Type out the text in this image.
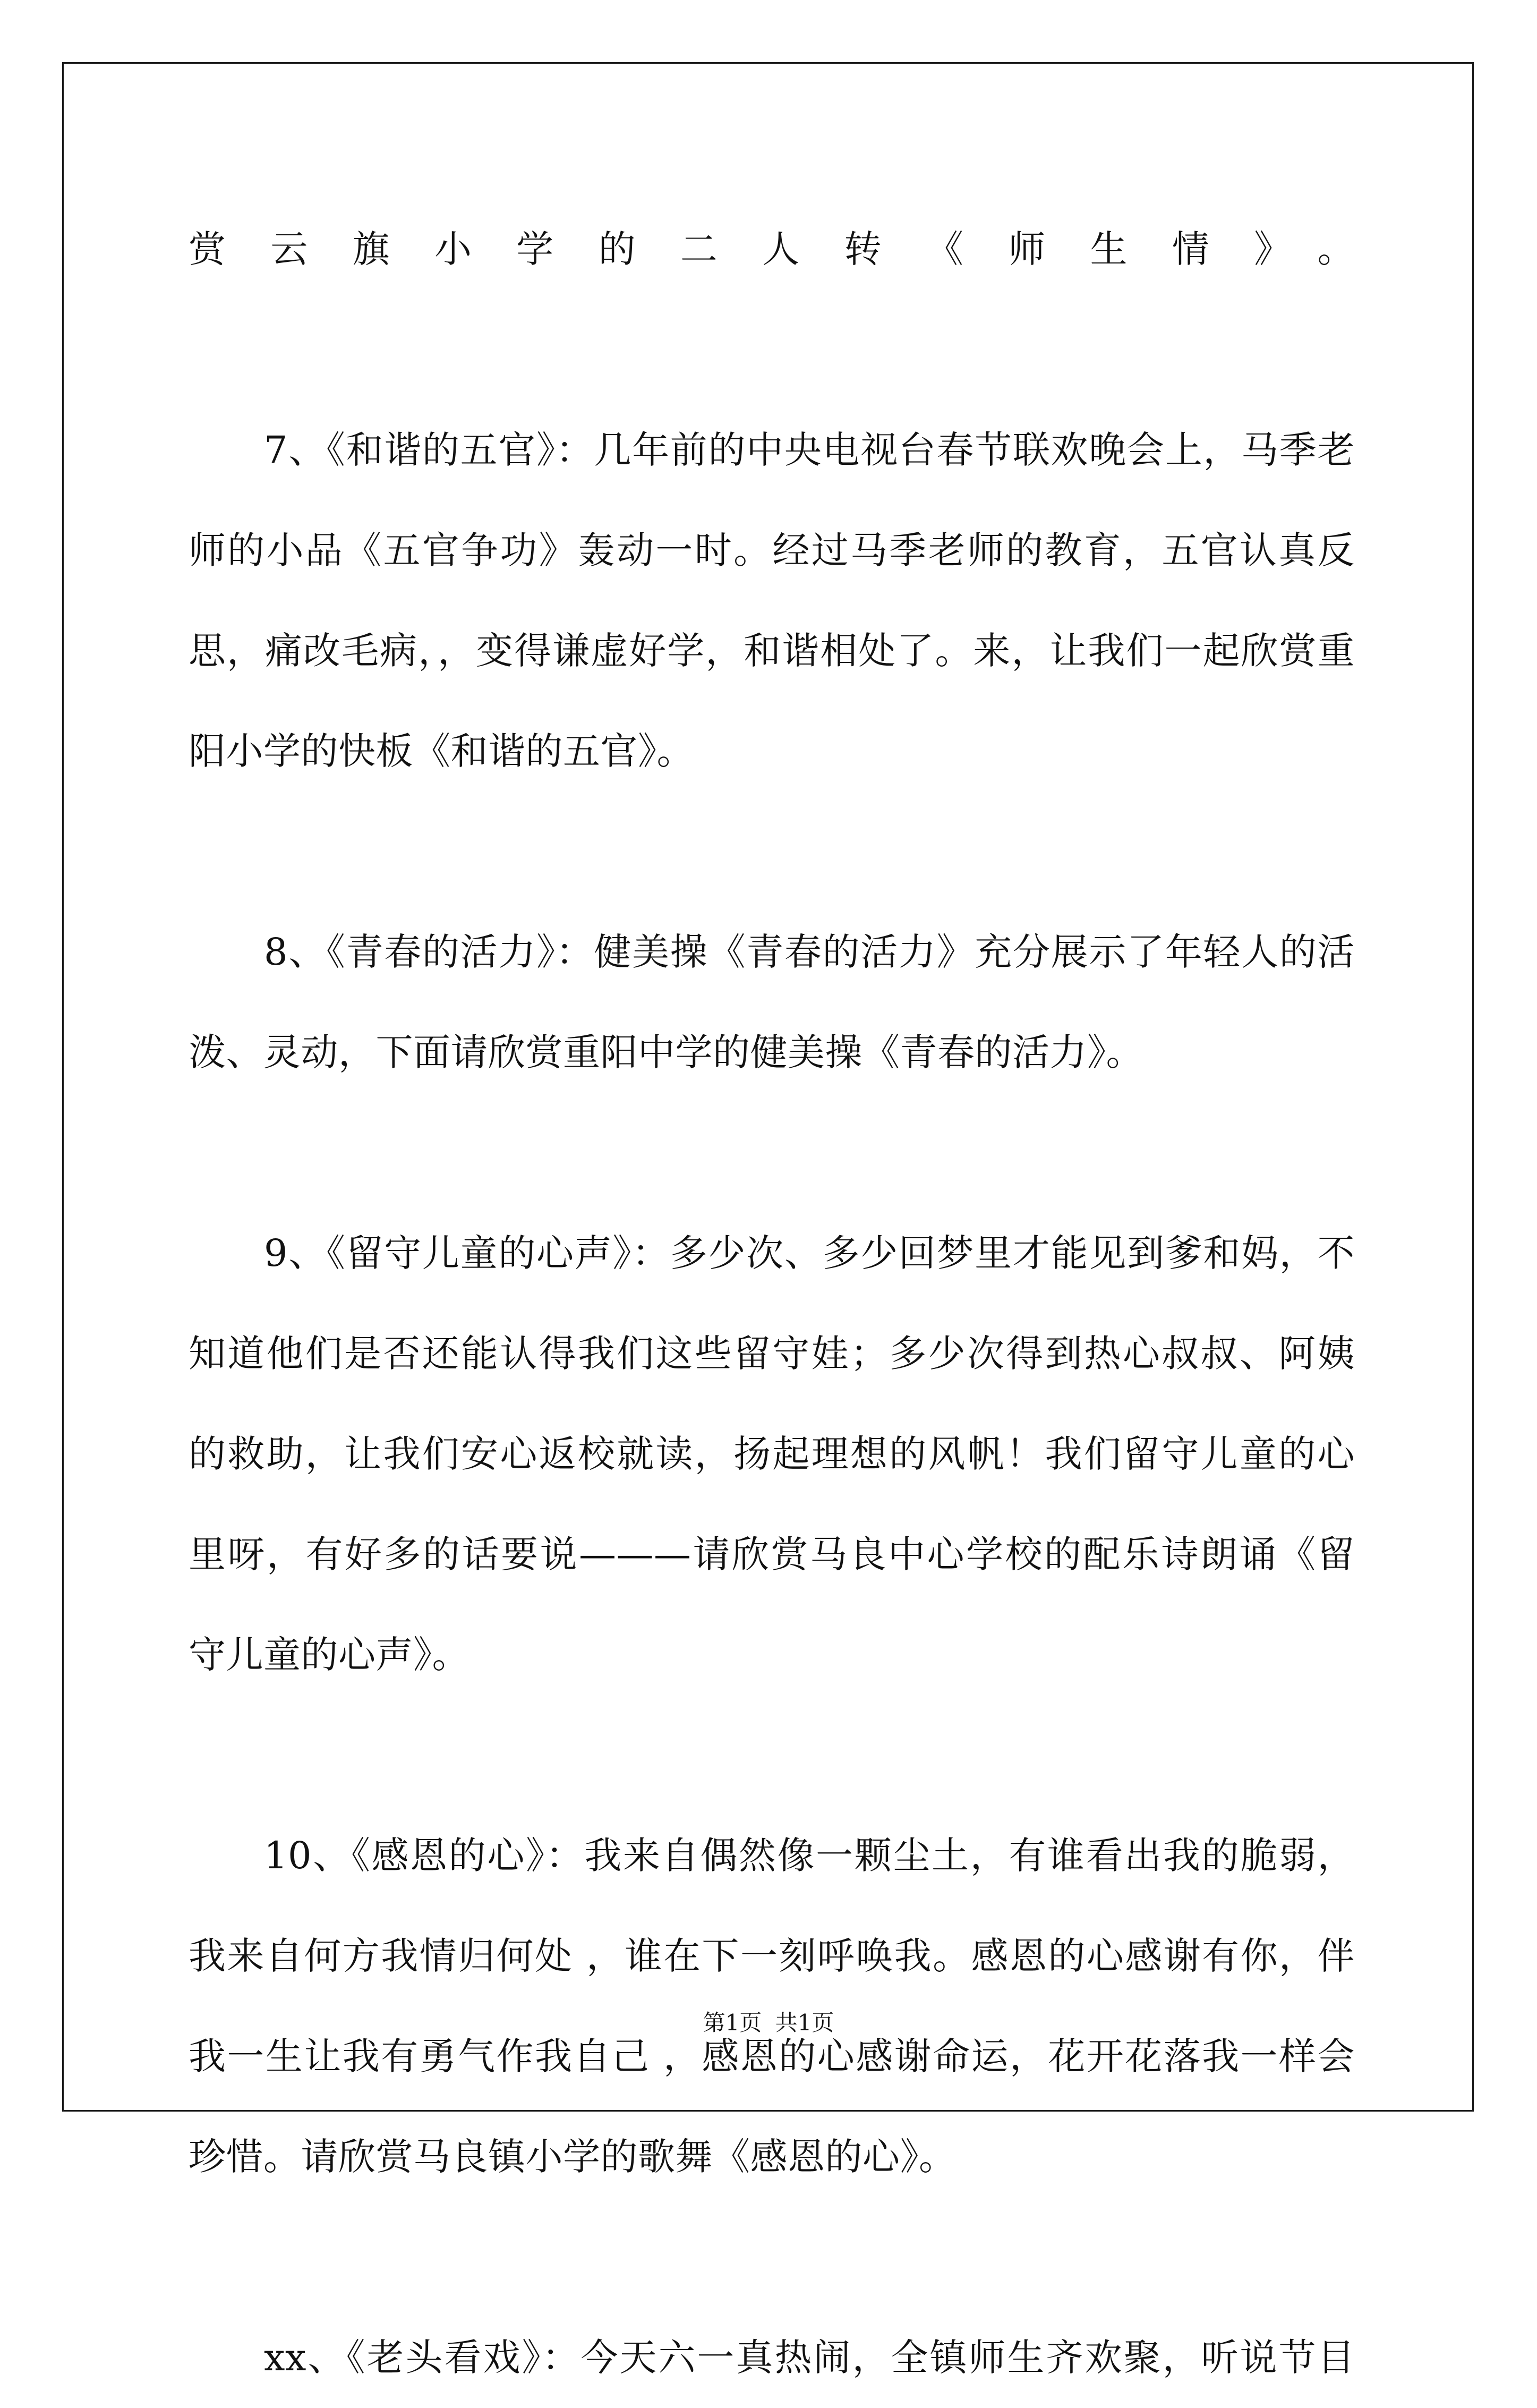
赏云旗小学的二人转《师生情》。
7、《和谐的五官》：几年前的中央电视台春节联欢晚会上，马季老
师的小品《五官争功》轰动一时。经过马季老师的教育，五官认真反
思，痛改毛病，，变得谦虚好学，和谐相处了。来，让我们一起欣赏重
阳小学的快板《和谐的五官》。
8、《青春的活力》：健美操《青春的活力》充分展示了年轻人的活
泼、灵动，下面请欣赏重阳中学的健美操《青春的活力》。
9、《留守儿童的心声》：多少次、多少回梦里才能见到爹和妈，不
知道他们是否还能认得我们这些留守娃；多少次得到热心叔叔、阿姨
的救助，让我们安心返校就读，扬起理想的风帆！我们留守儿童的心
里呀，有好多的话要说———请欣赏马良中心学校的配乐诗朗诵《留
守儿童的心声》。
10、《感恩的心》：我来自偶然像一颗尘土，有谁看出我的脆弱，
我来自何方我情归何处 ，谁在下一刻呼唤我。感恩的心感谢有你，伴
我一生让我有勇气作我自己 ，感恩的心感谢命运，花开花落我一样会
珍惜。请欣赏马良镇小学的歌舞《感恩的心》。
xx、《老头看戏》：今天六一真热闹，全镇师生齐欢聚，听说节目
第1页 共1页
